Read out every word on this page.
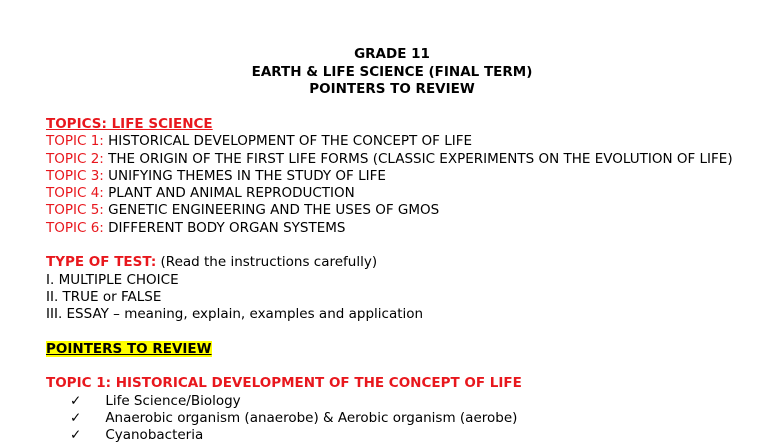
GRADE 11
EARTH & LIFE SCIENCE (FINAL TERM)
POINTERS TO REVIEW
TOPICS: LIFE SCIENCE
TOPIC 1: HISTORICAL DEVELOPMENT OF THE CONCEPT OF LIFE
TOPIC 2: THE ORIGIN OF THE FIRST LIFE FORMS (CLASSIC EXPERIMENTS ON THE EVOLUTION OF LIFE)
TOPIC 3: UNIFYING THEMES IN THE STUDY OF LIFE
TOPIC 4: PLANT AND ANIMAL REPRODUCTION
TOPIC 5: GENETIC ENGINEERING AND THE USES OF GMOS
TOPIC 6: DIFFERENT BODY ORGAN SYSTEMS
TYPE OF TEST: (Read the instructions carefully)
I. MULTIPLE CHOICE
II. TRUE or FALSE
III. ESSAY – meaning, explain, examples and application
POINTERS TO REVIEW
TOPIC 1: HISTORICAL DEVELOPMENT OF THE CONCEPT OF LIFE
✓ Life Science/Biology
✓ Anaerobic organism (anaerobe) & Aerobic organism (aerobe)
✓ Cyanobacteria
